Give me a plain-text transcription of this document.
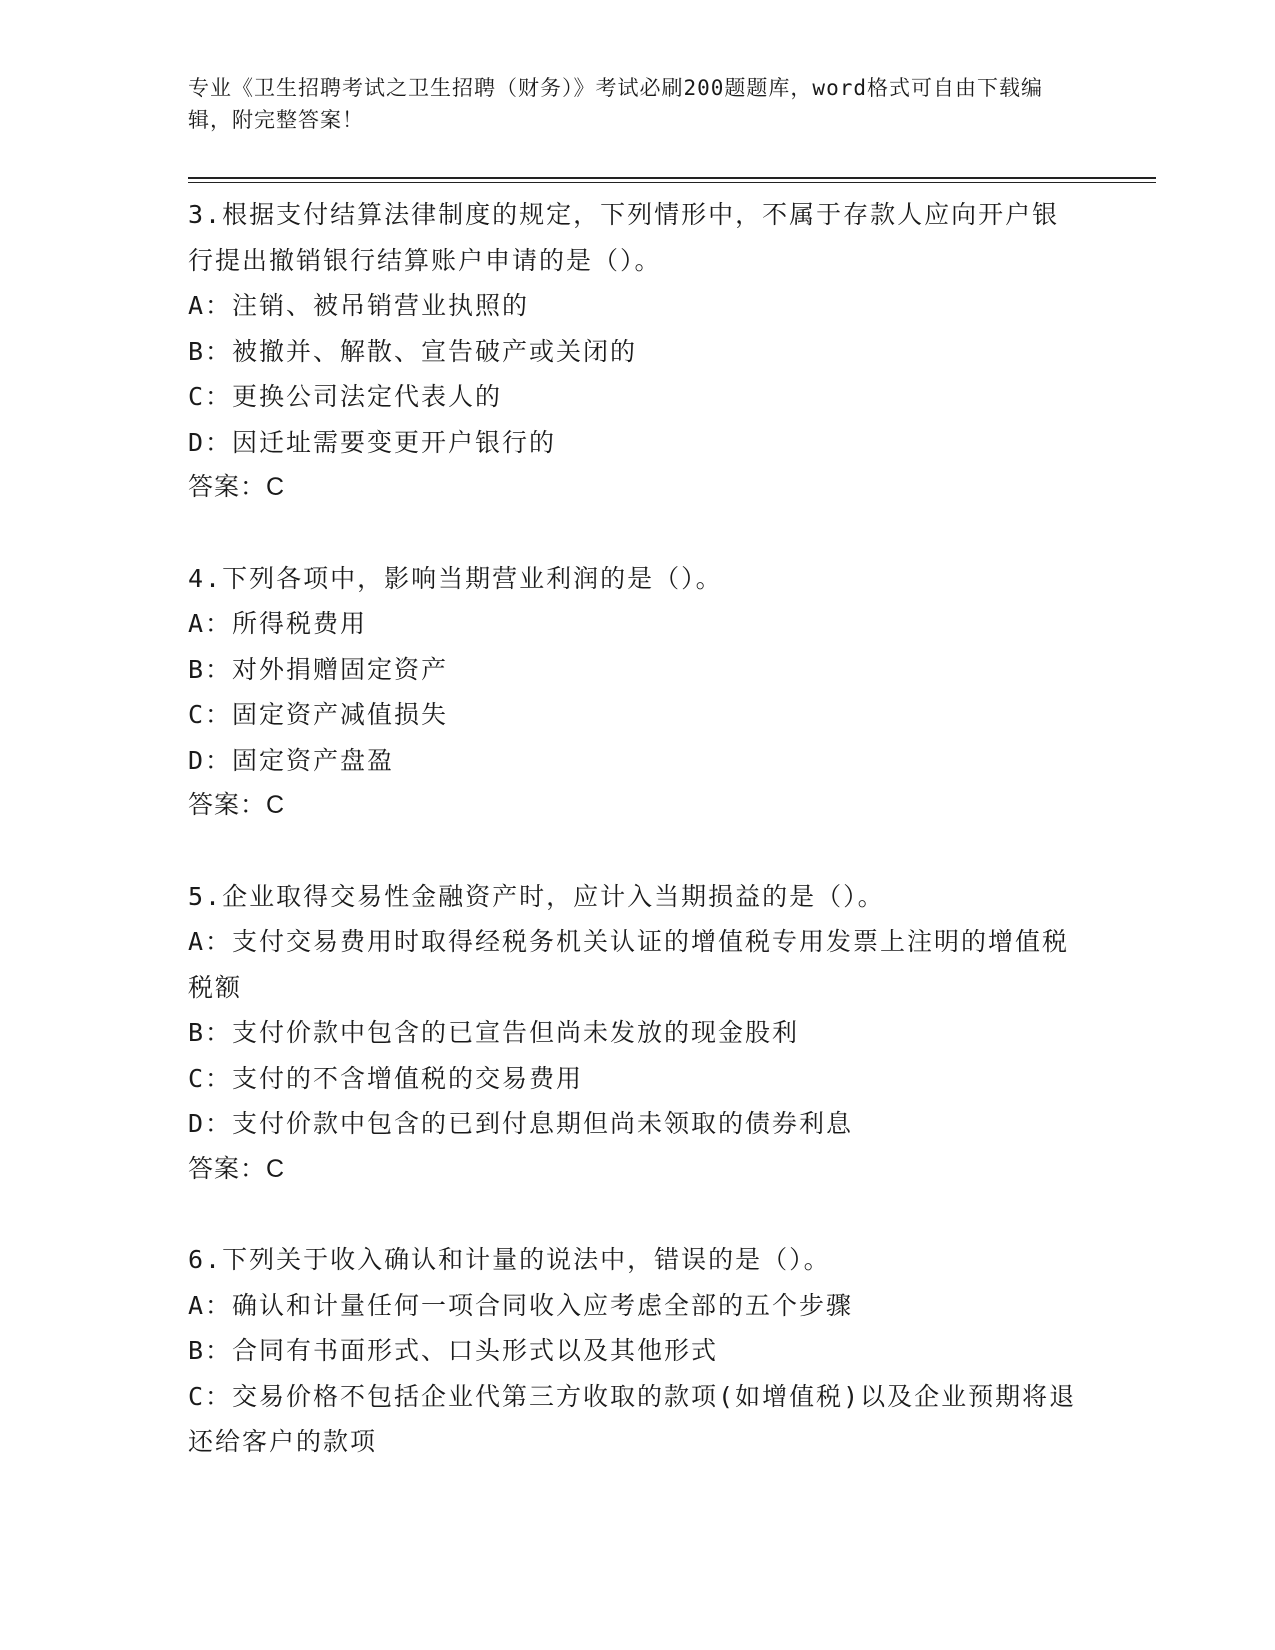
专业《卫生招聘考试之卫生招聘（财务）》考试必刷200题题库，word格式可自由下载编辑，附完整答案！
3.根据支付结算法律制度的规定，下列情形中，不属于存款人应向开户银行提出撤销银行结算账户申请的是（）。
A：注销、被吊销营业执照的
B：被撤并、解散、宣告破产或关闭的
C：更换公司法定代表人的
D：因迁址需要变更开户银行的
答案：C
4.下列各项中，影响当期营业利润的是（）。
A：所得税费用
B：对外捐赠固定资产
C：固定资产减值损失
D：固定资产盘盈
答案：C
5.企业取得交易性金融资产时，应计入当期损益的是（）。
A：支付交易费用时取得经税务机关认证的增值税专用发票上注明的增值税税额
B：支付价款中包含的已宣告但尚未发放的现金股利
C：支付的不含增值税的交易费用
D：支付价款中包含的已到付息期但尚未领取的债券利息
答案：C
6.下列关于收入确认和计量的说法中，错误的是（）。
A：确认和计量任何一项合同收入应考虑全部的五个步骤
B：合同有书面形式、口头形式以及其他形式
C：交易价格不包括企业代第三方收取的款项(如增值税)以及企业预期将退还给客户的款项
